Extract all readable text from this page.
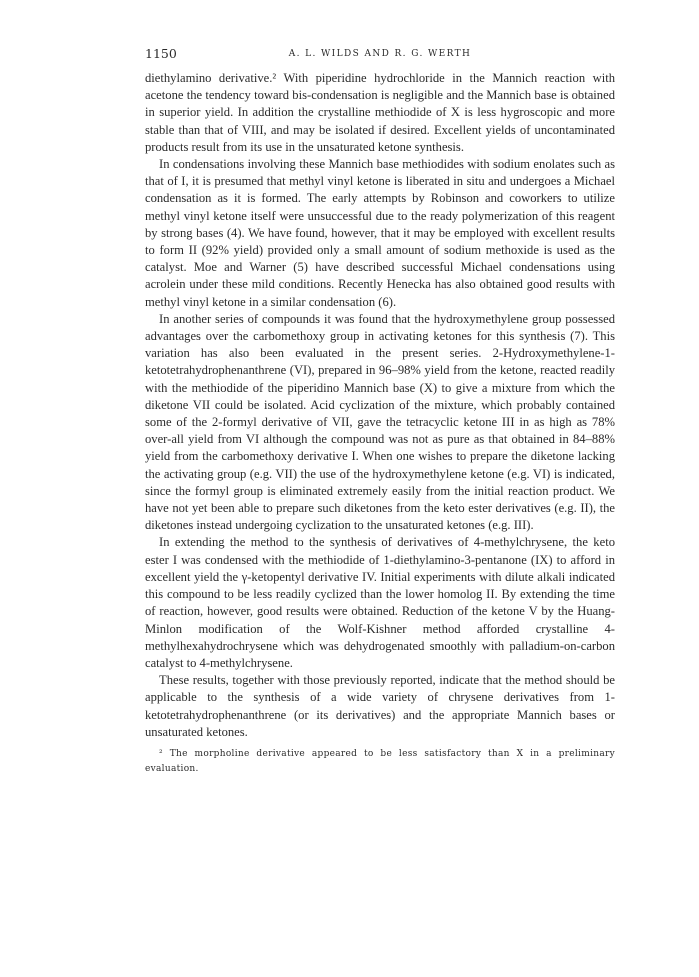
1150	A. L. WILDS AND R. G. WERTH

diethylamino derivative.² With piperidine hydrochloride in the Mannich reaction with acetone the tendency toward bis-condensation is negligible and the Mannich base is obtained in superior yield. In addition the crystalline methiodide of X is less hygroscopic and more stable than that of VIII, and may be isolated if desired. Excellent yields of uncontaminated products result from its use in the unsaturated ketone synthesis.

In condensations involving these Mannich base methiodides with sodium enolates such as that of I, it is presumed that methyl vinyl ketone is liberated in situ and undergoes a Michael condensation as it is formed. The early attempts by Robinson and coworkers to utilize methyl vinyl ketone itself were unsuccessful due to the ready polymerization of this reagent by strong bases (4). We have found, however, that it may be employed with excellent results to form II (92% yield) provided only a small amount of sodium methoxide is used as the catalyst. Moe and Warner (5) have described successful Michael condensations using acrolein under these mild conditions. Recently Henecka has also obtained good results with methyl vinyl ketone in a similar condensation (6).

In another series of compounds it was found that the hydroxymethylene group possessed advantages over the carbomethoxy group in activating ketones for this synthesis (7). This variation has also been evaluated in the present series. 2-Hydroxymethylene-1-ketotetrahydrophenanthrene (VI), prepared in 96–98% yield from the ketone, reacted readily with the methiodide of the piperidino Mannich base (X) to give a mixture from which the diketone VII could be isolated. Acid cyclization of the mixture, which probably contained some of the 2-formyl derivative of VII, gave the tetracyclic ketone III in as high as 78% over-all yield from VI although the compound was not as pure as that obtained in 84–88% yield from the carbomethoxy derivative I. When one wishes to prepare the diketone lacking the activating group (e.g. VII) the use of the hydroxymethylene ketone (e.g. VI) is indicated, since the formyl group is eliminated extremely easily from the initial reaction product. We have not yet been able to prepare such diketones from the keto ester derivatives (e.g. II), the diketones instead undergoing cyclization to the unsaturated ketones (e.g. III).

In extending the method to the synthesis of derivatives of 4-methylchrysene, the keto ester I was condensed with the methiodide of 1-diethylamino-3-pentanone (IX) to afford in excellent yield the γ-ketopentyl derivative IV. Initial experiments with dilute alkali indicated this compound to be less readily cyclized than the lower homolog II. By extending the time of reaction, however, good results were obtained. Reduction of the ketone V by the Huang-Minlon modification of the Wolf-Kishner method afforded crystalline 4-methylhexahydrochrysene which was dehydrogenated smoothly with palladium-on-carbon catalyst to 4-methylchrysene.

These results, together with those previously reported, indicate that the method should be applicable to the synthesis of a wide variety of chrysene derivatives from 1-ketotetrahydrophenanthrene (or its derivatives) and the appropriate Mannich bases or unsaturated ketones.

² The morpholine derivative appeared to be less satisfactory than X in a preliminary evaluation.
